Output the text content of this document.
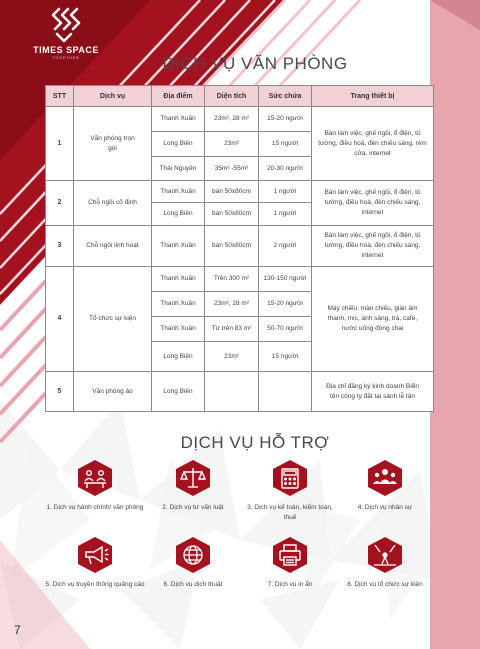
TIMES SPACE
TOGETHER	DỊCH VỤ VĂN PHÒNG
STT	Dịch vụ	Địa điểm	Diện tích	Sức chứa	Trang thiết bị
1	Văn phòng trọn gói	Thanh Xuân	23m², 28 m²	15-20 người	Bàn làm việc, ghế ngồi, ổ điện, tủ tường, điều hoà, đèn chiếu sáng, rèm cửa, internet
		Long Biên	23m²	15 người	
		Thái Nguyên	35m² -55m²	20-30 người	
2	Chỗ ngồi cố định	Thanh Xuân	bàn 50x80cm	1 người	Bàn làm việc, ghế ngồi, ổ điện, tủ tường, điều hoà, đèn chiếu sáng, internet
		Long Biên	bàn 50x80cm	1 người	
3	Chỗ ngồi linh hoạt	Thanh Xuân	bàn 50x80cm	2 người	Bàn làm việc, ghế ngồi, ổ điện, tủ tường, điều hoà, đèn chiếu sáng, internet
4	Tổ chức sự kiện	Thanh Xuân	Trên 300 m²	130-150 người	Máy chiếu, màn chiếu, giàn âm thanh, mic, ánh sáng, trà, cafe, nước uống đóng chai
		Thanh Xuân	23m², 28 m²	15-20 người	
		Thanh Xuân	Từ trên 83 m²	50-70 người	
		Long Biên	23m²	15 người	
5	Văn phòng ảo	Long Biên			Địa chỉ đăng ký kinh doanh Biển tên công ty đặt tại sảnh lễ tân
DỊCH VỤ HỖ TRỢ
1. Dịch vụ hành chính/ văn phòng	2. Dịch vụ tư vấn luật	3. Dịch vụ kế toán, kiểm toán, thuế
4. Dịch vụ nhân sự
5. Dịch vụ truyền thông quảng cáo	6. Dịch vụ dịch thuật	7. Dịch vụ in ấn	8. Dịch vụ tổ chức sự kiện
7
